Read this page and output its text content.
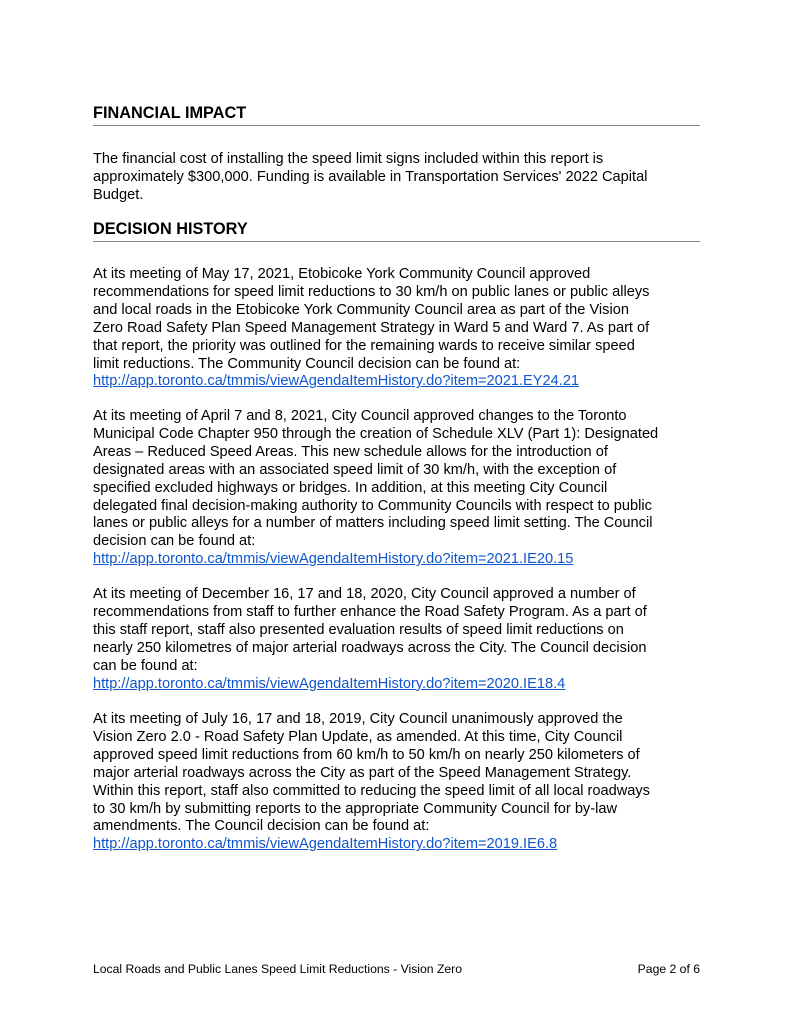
FINANCIAL IMPACT
The financial cost of installing the speed limit signs included within this report is
approximately $300,000. Funding is available in Transportation Services' 2022 Capital
Budget.
DECISION HISTORY
At its meeting of May 17, 2021, Etobicoke York Community Council approved
recommendations for speed limit reductions to 30 km/h on public lanes or public alleys
and local roads in the Etobicoke York Community Council area as part of the Vision
Zero Road Safety Plan Speed Management Strategy in Ward 5 and Ward 7. As part of
that report, the priority was outlined for the remaining wards to receive similar speed
limit reductions. The Community Council decision can be found at:
http://app.toronto.ca/tmmis/viewAgendaItemHistory.do?item=2021.EY24.21
At its meeting of April 7 and 8, 2021, City Council approved changes to the Toronto
Municipal Code Chapter 950 through the creation of Schedule XLV (Part 1): Designated
Areas – Reduced Speed Areas. This new schedule allows for the introduction of
designated areas with an associated speed limit of 30 km/h, with the exception of
specified excluded highways or bridges. In addition, at this meeting City Council
delegated final decision-making authority to Community Councils with respect to public
lanes or public alleys for a number of matters including speed limit setting. The Council
decision can be found at:
http://app.toronto.ca/tmmis/viewAgendaItemHistory.do?item=2021.IE20.15
At its meeting of December 16, 17 and 18, 2020, City Council approved a number of
recommendations from staff to further enhance the Road Safety Program. As a part of
this staff report, staff also presented evaluation results of speed limit reductions on
nearly 250 kilometres of major arterial roadways across the City. The Council decision
can be found at:
http://app.toronto.ca/tmmis/viewAgendaItemHistory.do?item=2020.IE18.4
At its meeting of July 16, 17 and 18, 2019, City Council unanimously approved the
Vision Zero 2.0 - Road Safety Plan Update, as amended. At this time, City Council
approved speed limit reductions from 60 km/h to 50 km/h on nearly 250 kilometers of
major arterial roadways across the City as part of the Speed Management Strategy.
Within this report, staff also committed to reducing the speed limit of all local roadways
to 30 km/h by submitting reports to the appropriate Community Council for by-law
amendments. The Council decision can be found at:
http://app.toronto.ca/tmmis/viewAgendaItemHistory.do?item=2019.IE6.8
Local Roads and Public Lanes Speed Limit Reductions - Vision Zero	Page 2 of 6
